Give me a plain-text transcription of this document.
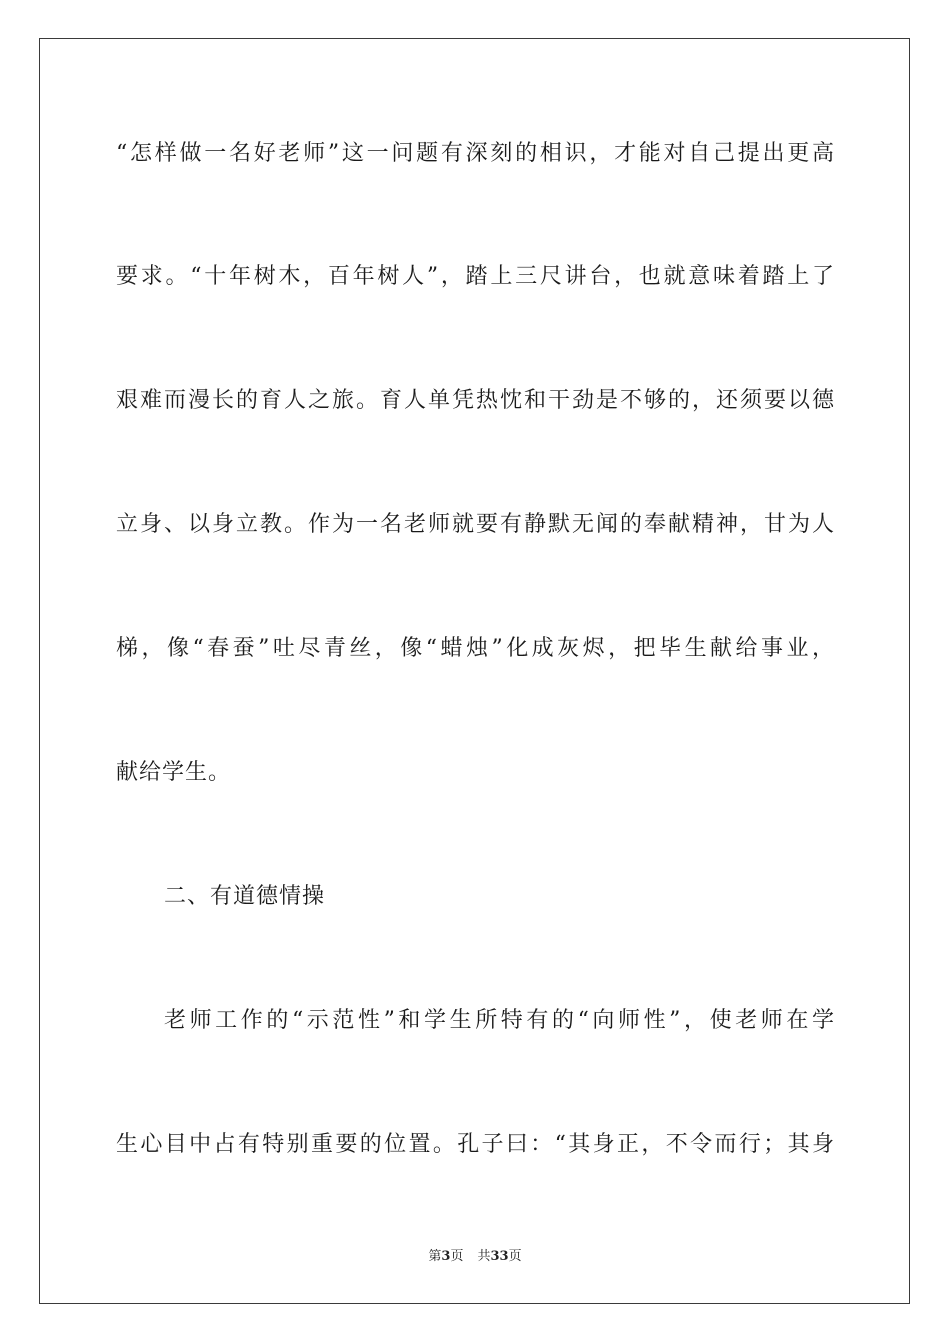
“怎样做一名好老师”这一问题有深刻的相识，才能对自己提出更高
要求。“十年树木，百年树人”，踏上三尺讲台，也就意味着踏上了
艰难而漫长的育人之旅。育人单凭热忱和干劲是不够的，还须要以德
立身、以身立教。作为一名老师就要有静默无闻的奉献精神，甘为人
梯，像“春蚕”吐尽青丝，像“蜡烛”化成灰烬，把毕生献给事业，
献给学生。
二、有道德情操
老师工作的“示范性”和学生所特有的“向师性”，使老师在学
生心目中占有特别重要的位置。孔子曰：“其身正，不令而行；其身
第3页 共33页
